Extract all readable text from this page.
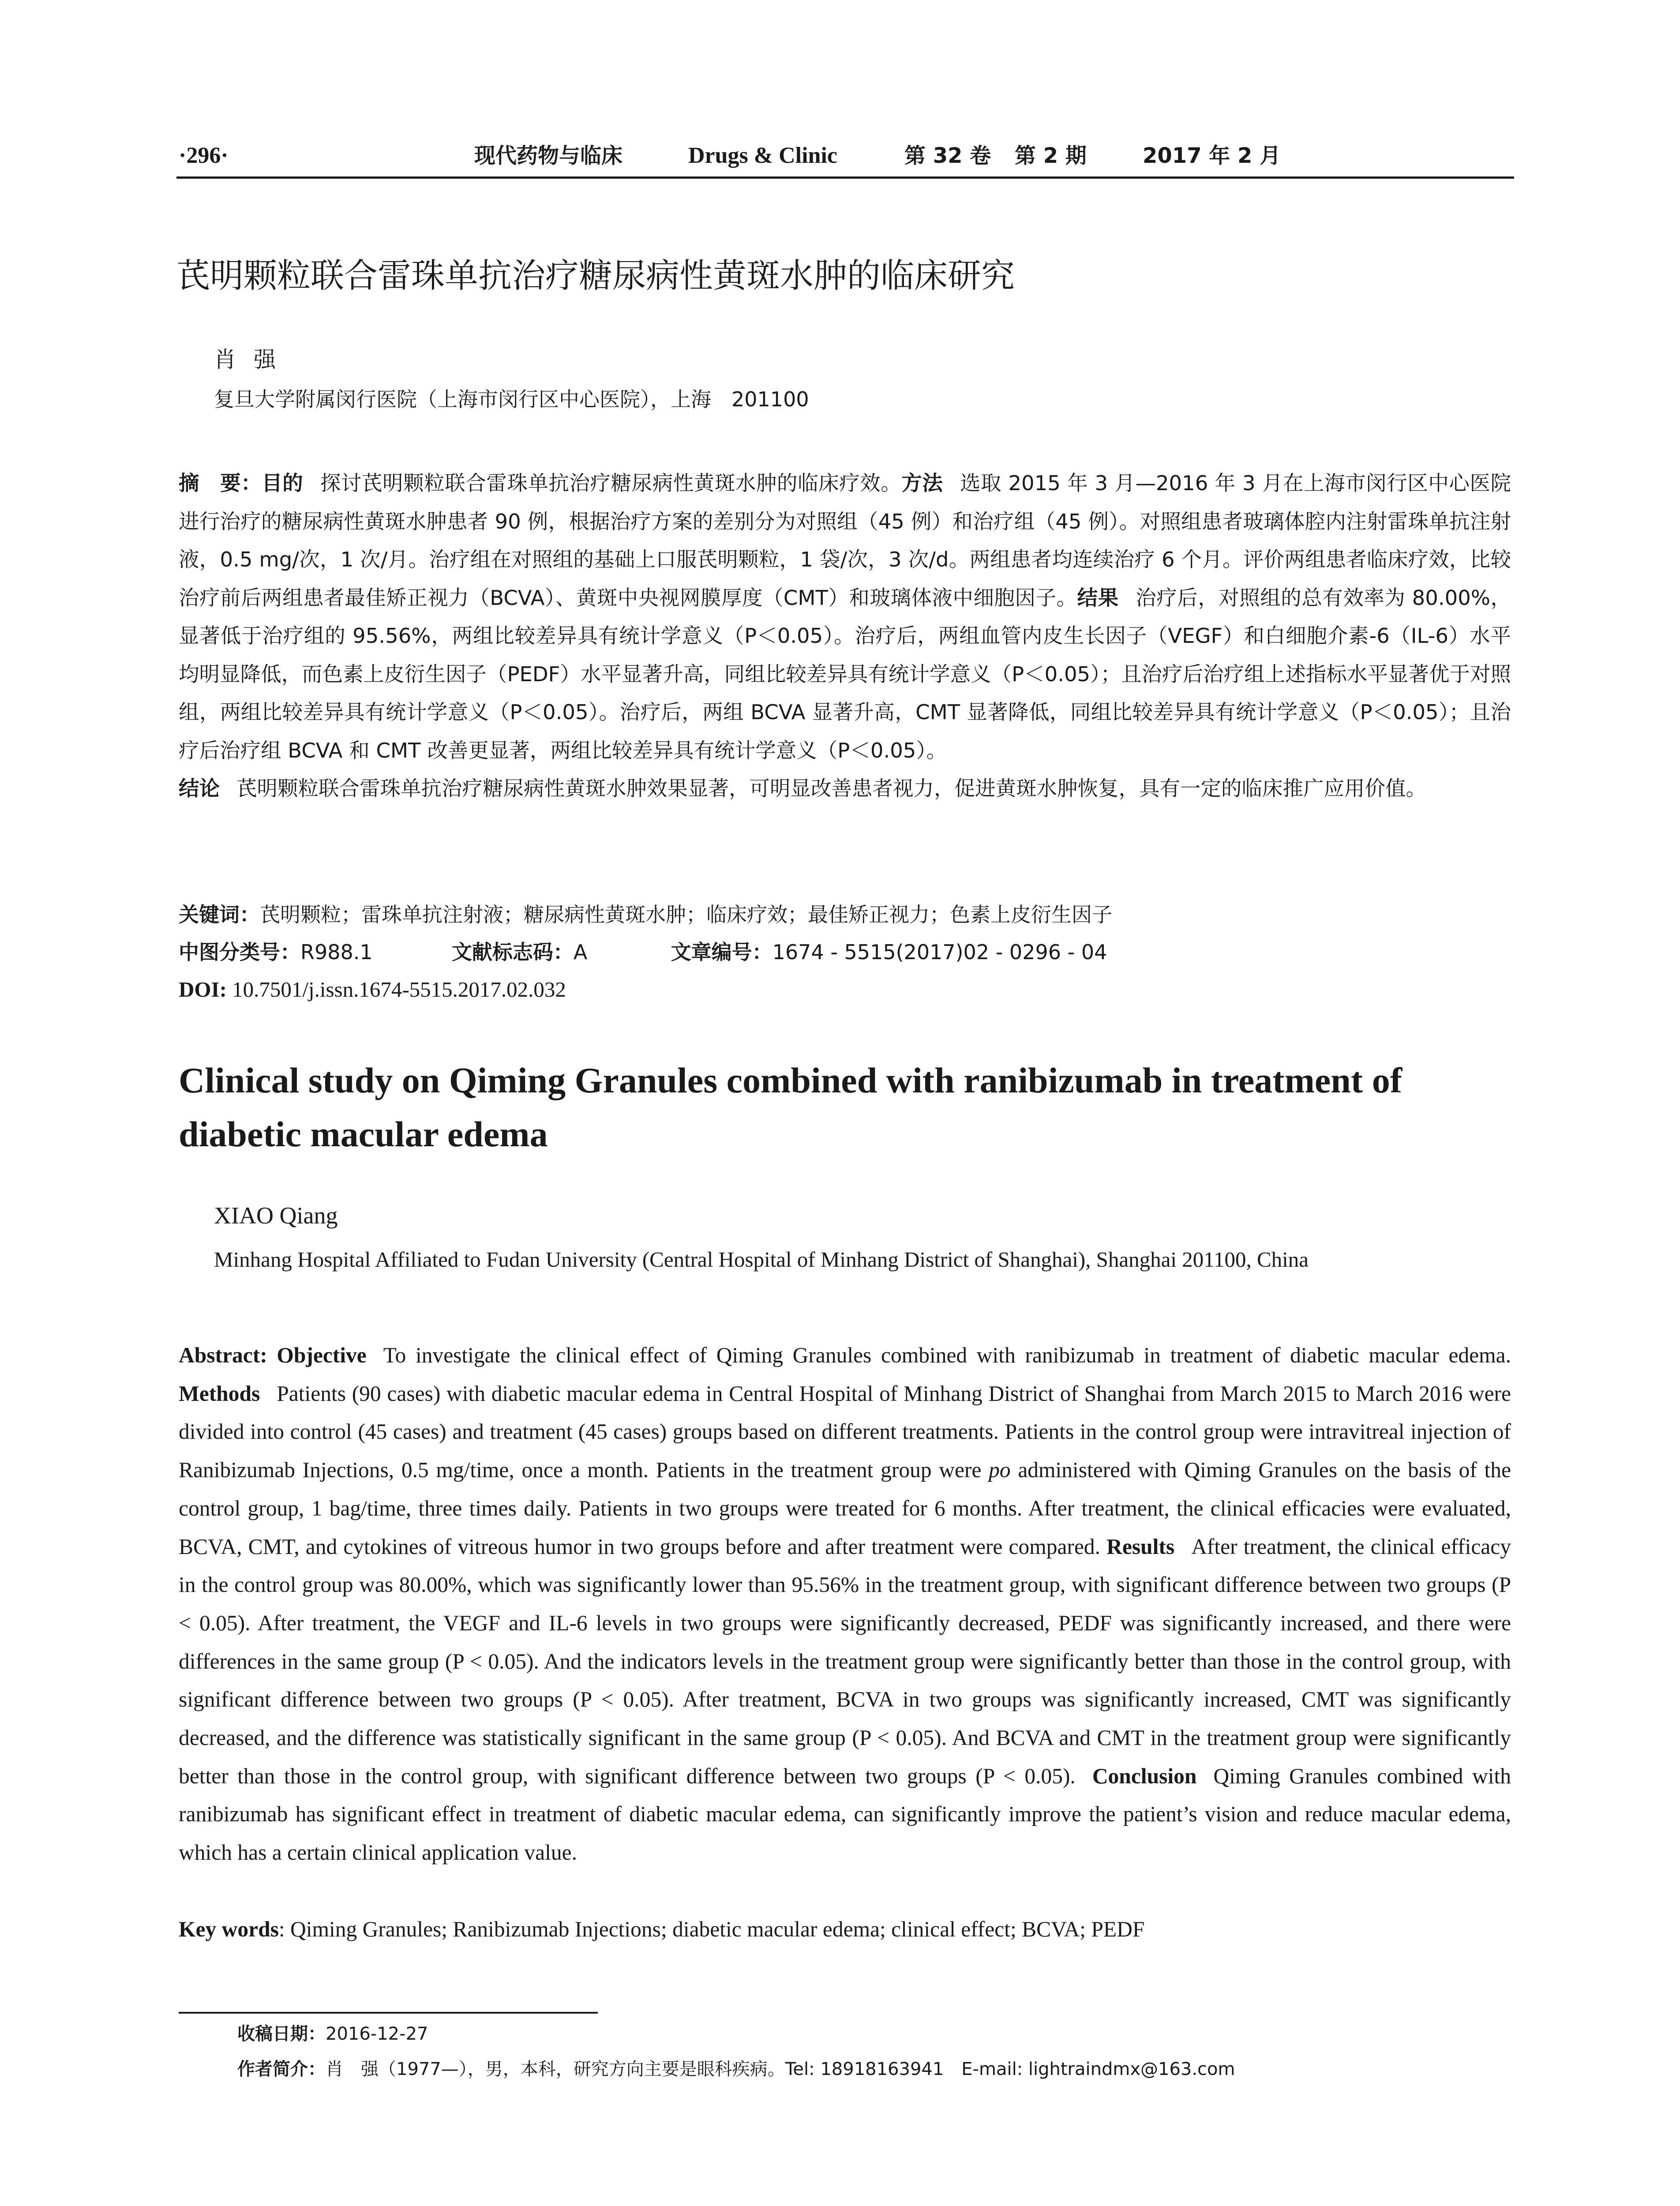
·296·	现代药物与临床	Drugs & Clinic	第 32 卷 第 2 期	2017 年 2 月
芪明颗粒联合雷珠单抗治疗糖尿病性黄斑水肿的临床研究
肖强
复旦大学附属闵行医院（上海市闵行区中心医院），上海　201100
摘　要：目的 探讨芪明颗粒联合雷珠单抗治疗糖尿病性黄斑水肿的临床疗效。方法 选取 2015 年 3 月—2016 年 3 月在上海市闵行区中心医院进行治疗的糖尿病性黄斑水肿患者 90 例，根据治疗方案的差别分为对照组（45 例）和治疗组（45 例）。对照组患者玻璃体腔内注射雷珠单抗注射液，0.5 mg/次，1 次/月。治疗组在对照组的基础上口服芪明颗粒，1 袋/次，3 次/d。两组患者均连续治疗 6 个月。评价两组患者临床疗效，比较治疗前后两组患者最佳矫正视力（BCVA）、黄斑中央视网膜厚度（CMT）和玻璃体液中细胞因子。结果 治疗后，对照组的总有效率为 80.00%，显著低于治疗组的 95.56%，两组比较差异具有统计学意义（P＜0.05）。治疗后，两组血管内皮生长因子（VEGF）和白细胞介素-6（IL-6）水平均明显降低，而色素上皮衍生因子（PEDF）水平显著升高，同组比较差异具有统计学意义（P＜0.05）；且治疗后治疗组上述指标水平显著优于对照组，两组比较差异具有统计学意义（P＜0.05）。治疗后，两组 BCVA 显著升高，CMT 显著降低，同组比较差异具有统计学意义（P＜0.05）；且治疗后治疗组 BCVA 和 CMT 改善更显著，两组比较差异具有统计学意义（P＜0.05）。
结论 芪明颗粒联合雷珠单抗治疗糖尿病性黄斑水肿效果显著，可明显改善患者视力，促进黄斑水肿恢复，具有一定的临床推广应用价值。
关键词：芪明颗粒；雷珠单抗注射液；糖尿病性黄斑水肿；临床疗效；最佳矫正视力；色素上皮衍生因子
中图分类号：R988.1	文献标志码：A	文章编号：1674 - 5515(2017)02 - 0296 - 04
DOI: 10.7501/j.issn.1674-5515.2017.02.032
Clinical study on Qiming Granules combined with ranibizumab in treatment of diabetic macular edema
XIAO Qiang
Minhang Hospital Affiliated to Fudan University (Central Hospital of Minhang District of Shanghai), Shanghai 201100, China
Abstract: Objective To investigate the clinical effect of Qiming Granules combined with ranibizumab in treatment of diabetic macular edema. Methods Patients (90 cases) with diabetic macular edema in Central Hospital of Minhang District of Shanghai from March 2015 to March 2016 were divided into control (45 cases) and treatment (45 cases) groups based on different treatments. Patients in the control group were intravitreal injection of Ranibizumab Injections, 0.5 mg/time, once a month. Patients in the treatment group were po administered with Qiming Granules on the basis of the control group, 1 bag/time, three times daily. Patients in two groups were treated for 6 months. After treatment, the clinical efficacies were evaluated, BCVA, CMT, and cytokines of vitreous humor in two groups before and after treatment were compared. Results After treatment, the clinical efficacy in the control group was 80.00%, which was significantly lower than 95.56% in the treatment group, with significant difference between two groups (P < 0.05). After treatment, the VEGF and IL-6 levels in two groups were significantly decreased, PEDF was significantly increased, and there were differences in the same group (P < 0.05). And the indicators levels in the treatment group were significantly better than those in the control group, with significant difference between two groups (P < 0.05). After treatment, BCVA in two groups was significantly increased, CMT was significantly decreased, and the difference was statistically significant in the same group (P < 0.05). And BCVA and CMT in the treatment group were significantly better than those in the control group, with significant difference between two groups (P < 0.05). Conclusion Qiming Granules combined with ranibizumab has significant effect in treatment of diabetic macular edema, can significantly improve the patient’s vision and reduce macular edema, which has a certain clinical application value.
Key words: Qiming Granules; Ranibizumab Injections; diabetic macular edema; clinical effect; BCVA; PEDF
收稿日期：2016-12-27
作者简介：肖　强（1977—），男，本科，研究方向主要是眼科疾病。Tel: 18918163941　E-mail: lightraindmx@163.com
